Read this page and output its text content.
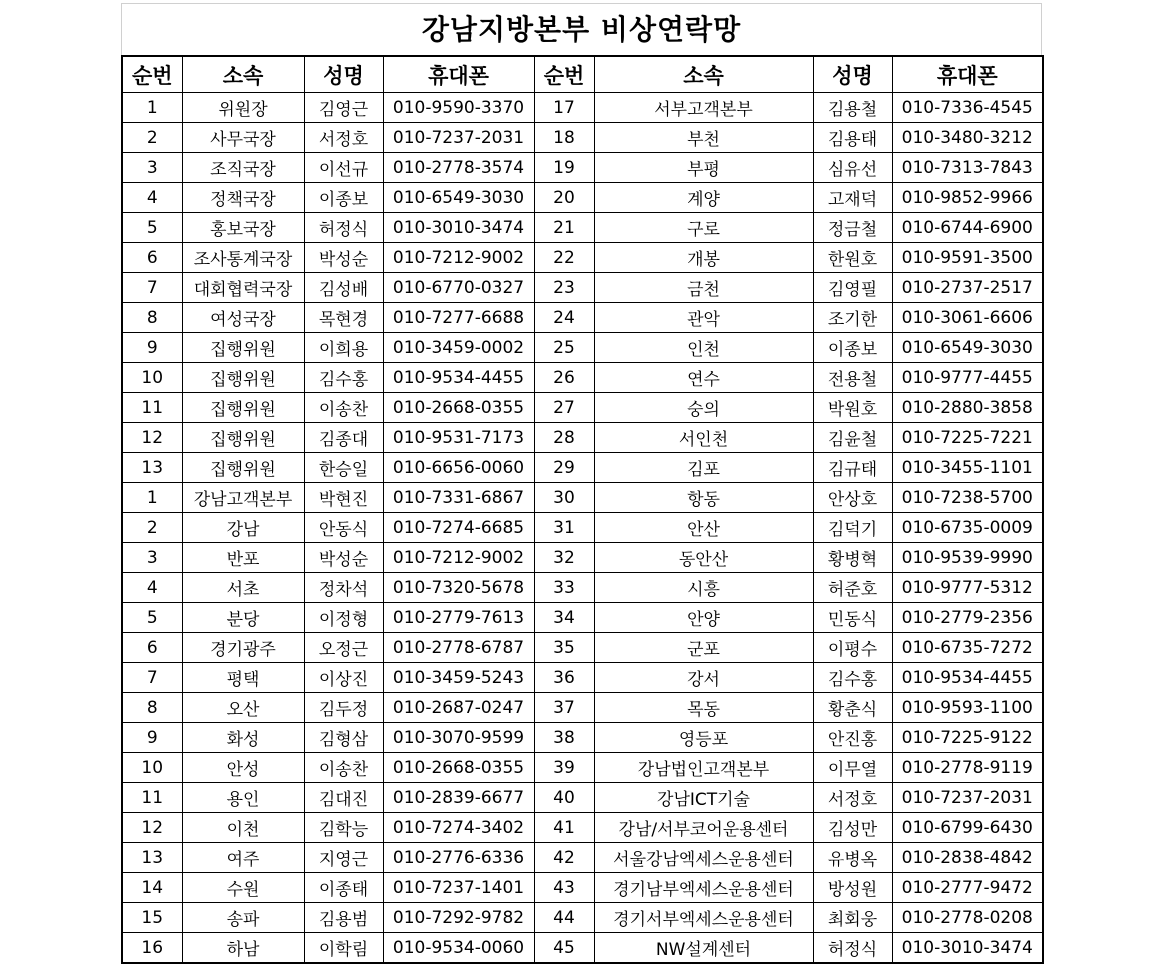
강남지방본부 비상연락망
순번	소속	성명	휴대폰	순번	소속	성명	휴대폰
1	위원장	김영근	010-9590-3370	17	서부고객본부	김용철	010-7336-4545
2	사무국장	서정호	010-7237-2031	18	부천	김용태	010-3480-3212
3	조직국장	이선규	010-2778-3574	19	부평	심유선	010-7313-7843
4	정책국장	이종보	010-6549-3030	20	계양	고재덕	010-9852-9966
5	홍보국장	허정식	010-3010-3474	21	구로	정금철	010-6744-6900
6	조사통계국장	박성순	010-7212-9002	22	개봉	한원호	010-9591-3500
7	대회협력국장	김성배	010-6770-0327	23	금천	김영필	010-2737-2517
8	여성국장	목현경	010-7277-6688	24	관악	조기한	010-3061-6606
9	집행위원	이희용	010-3459-0002	25	인천	이종보	010-6549-3030
10	집행위원	김수홍	010-9534-4455	26	연수	전용철	010-9777-4455
11	집행위원	이송찬	010-2668-0355	27	숭의	박원호	010-2880-3858
12	집행위원	김종대	010-9531-7173	28	서인천	김윤철	010-7225-7221
13	집행위원	한승일	010-6656-0060	29	김포	김규태	010-3455-1101
1	강남고객본부	박현진	010-7331-6867	30	항동	안상호	010-7238-5700
2	강남	안동식	010-7274-6685	31	안산	김덕기	010-6735-0009
3	반포	박성순	010-7212-9002	32	동안산	황병혁	010-9539-9990
4	서초	정차석	010-7320-5678	33	시흥	허준호	010-9777-5312
5	분당	이정형	010-2779-7613	34	안양	민동식	010-2779-2356
6	경기광주	오정근	010-2778-6787	35	군포	이평수	010-6735-7272
7	평택	이상진	010-3459-5243	36	강서	김수홍	010-9534-4455
8	오산	김두정	010-2687-0247	37	목동	황춘식	010-9593-1100
9	화성	김형삼	010-3070-9599	38	영등포	안진홍	010-7225-9122
10	안성	이송찬	010-2668-0355	39	강남법인고객본부	이무열	010-2778-9119
11	용인	김대진	010-2839-6677	40	강남ICT기술	서정호	010-7237-2031
12	이천	김학능	010-7274-3402	41	강남/서부코어운용센터	김성만	010-6799-6430
13	여주	지영근	010-2776-6336	42	서울강남엑세스운용센터	유병옥	010-2838-4842
14	수원	이종태	010-7237-1401	43	경기남부엑세스운용센터	방성원	010-2777-9472
15	송파	김용범	010-7292-9782	44	경기서부엑세스운용센터	최회웅	010-2778-0208
16	하남	이학림	010-9534-0060	45	NW설계센터	허정식	010-3010-3474
